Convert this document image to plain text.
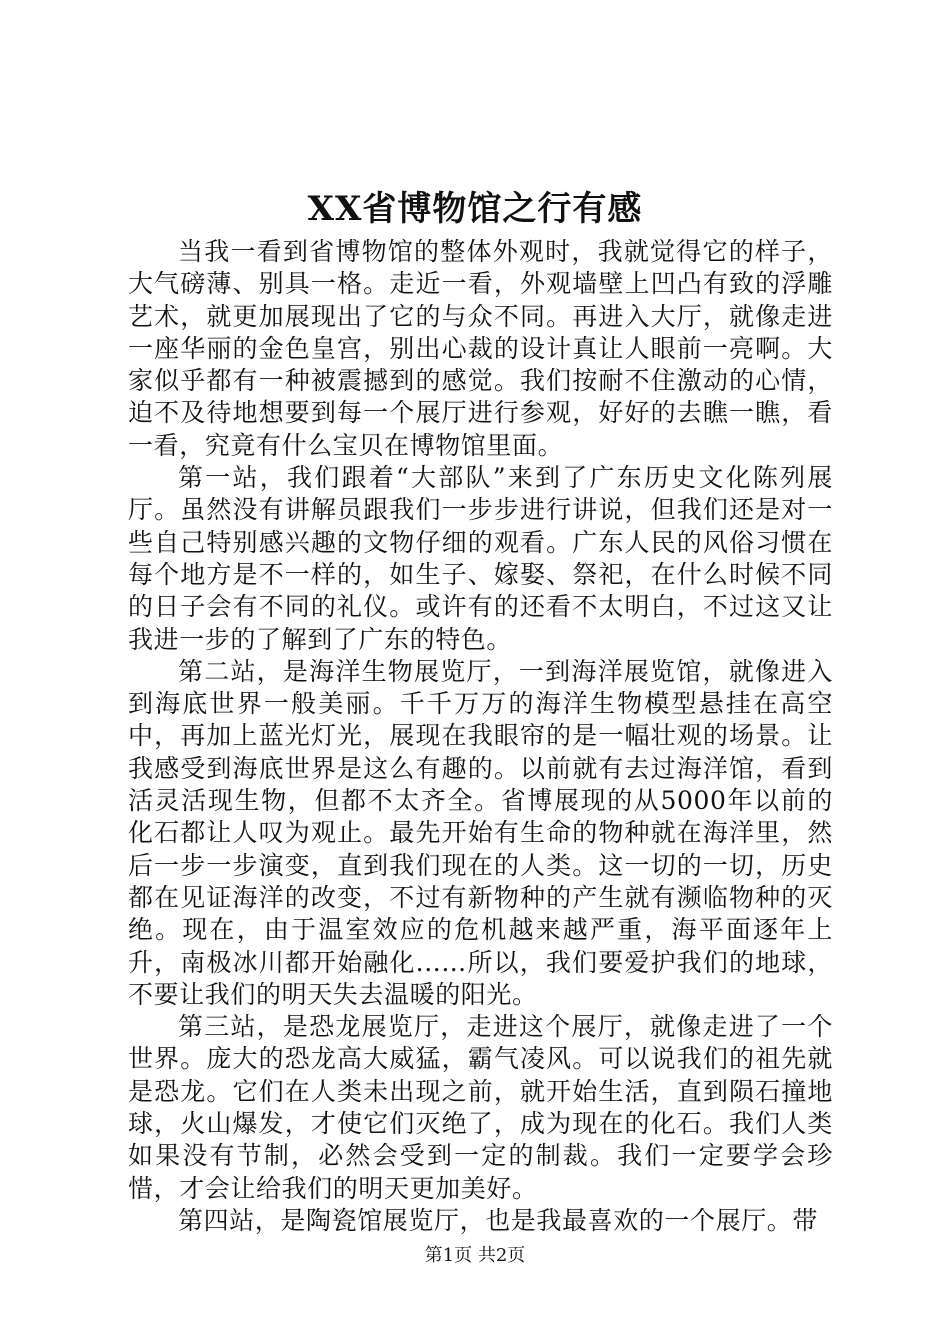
XX省博物馆之行有感

当我一看到省博物馆的整体外观时，我就觉得它的样子，大气磅薄、别具一格。走近一看，外观墙壁上凹凸有致的浮雕艺术，就更加展现出了它的与众不同。再进入大厅，就像走进一座华丽的金色皇宫，别出心裁的设计真让人眼前一亮啊。大家似乎都有一种被震撼到的感觉。我们按耐不住激动的心情，迫不及待地想要到每一个展厅进行参观，好好的去瞧一瞧，看一看，究竟有什么宝贝在博物馆里面。

第一站，我们跟着“大部队”来到了广东历史文化陈列展厅。虽然没有讲解员跟我们一步步进行讲说，但我们还是对一些自己特别感兴趣的文物仔细的观看。广东人民的风俗习惯在每个地方是不一样的，如生子、嫁娶、祭祀，在什么时候不同的日子会有不同的礼仪。或许有的还看不太明白，不过这又让我进一步的了解到了广东的特色。

第二站，是海洋生物展览厅，一到海洋展览馆，就像进入到海底世界一般美丽。千千万万的海洋生物模型悬挂在高空中，再加上蓝光灯光，展现在我眼帘的是一幅壮观的场景。让我感受到海底世界是这么有趣的。以前就有去过海洋馆，看到活灵活现生物，但都不太齐全。省博展现的从5000年以前的化石都让人叹为观止。最先开始有生命的物种就在海洋里，然后一步一步演变，直到我们现在的人类。这一切的一切，历史都在见证海洋的改变，不过有新物种的产生就有濒临物种的灭绝。现在，由于温室效应的危机越来越严重，海平面逐年上升，南极冰川都开始融化...…所以，我们要爱护我们的地球，不要让我们的明天失去温暖的阳光。

第三站，是恐龙展览厅，走进这个展厅，就像走进了一个世界。庞大的恐龙高大威猛，霸气凌风。可以说我们的祖先就是恐龙。它们在人类未出现之前，就开始生活，直到陨石撞地球，火山爆发，才使它们灭绝了，成为现在的化石。我们人类如果没有节制，必然会受到一定的制裁。我们一定要学会珍惜，才会让给我们的明天更加美好。

第四站，是陶瓷馆展览厅，也是我最喜欢的一个展厅。带

第1页 共2页
